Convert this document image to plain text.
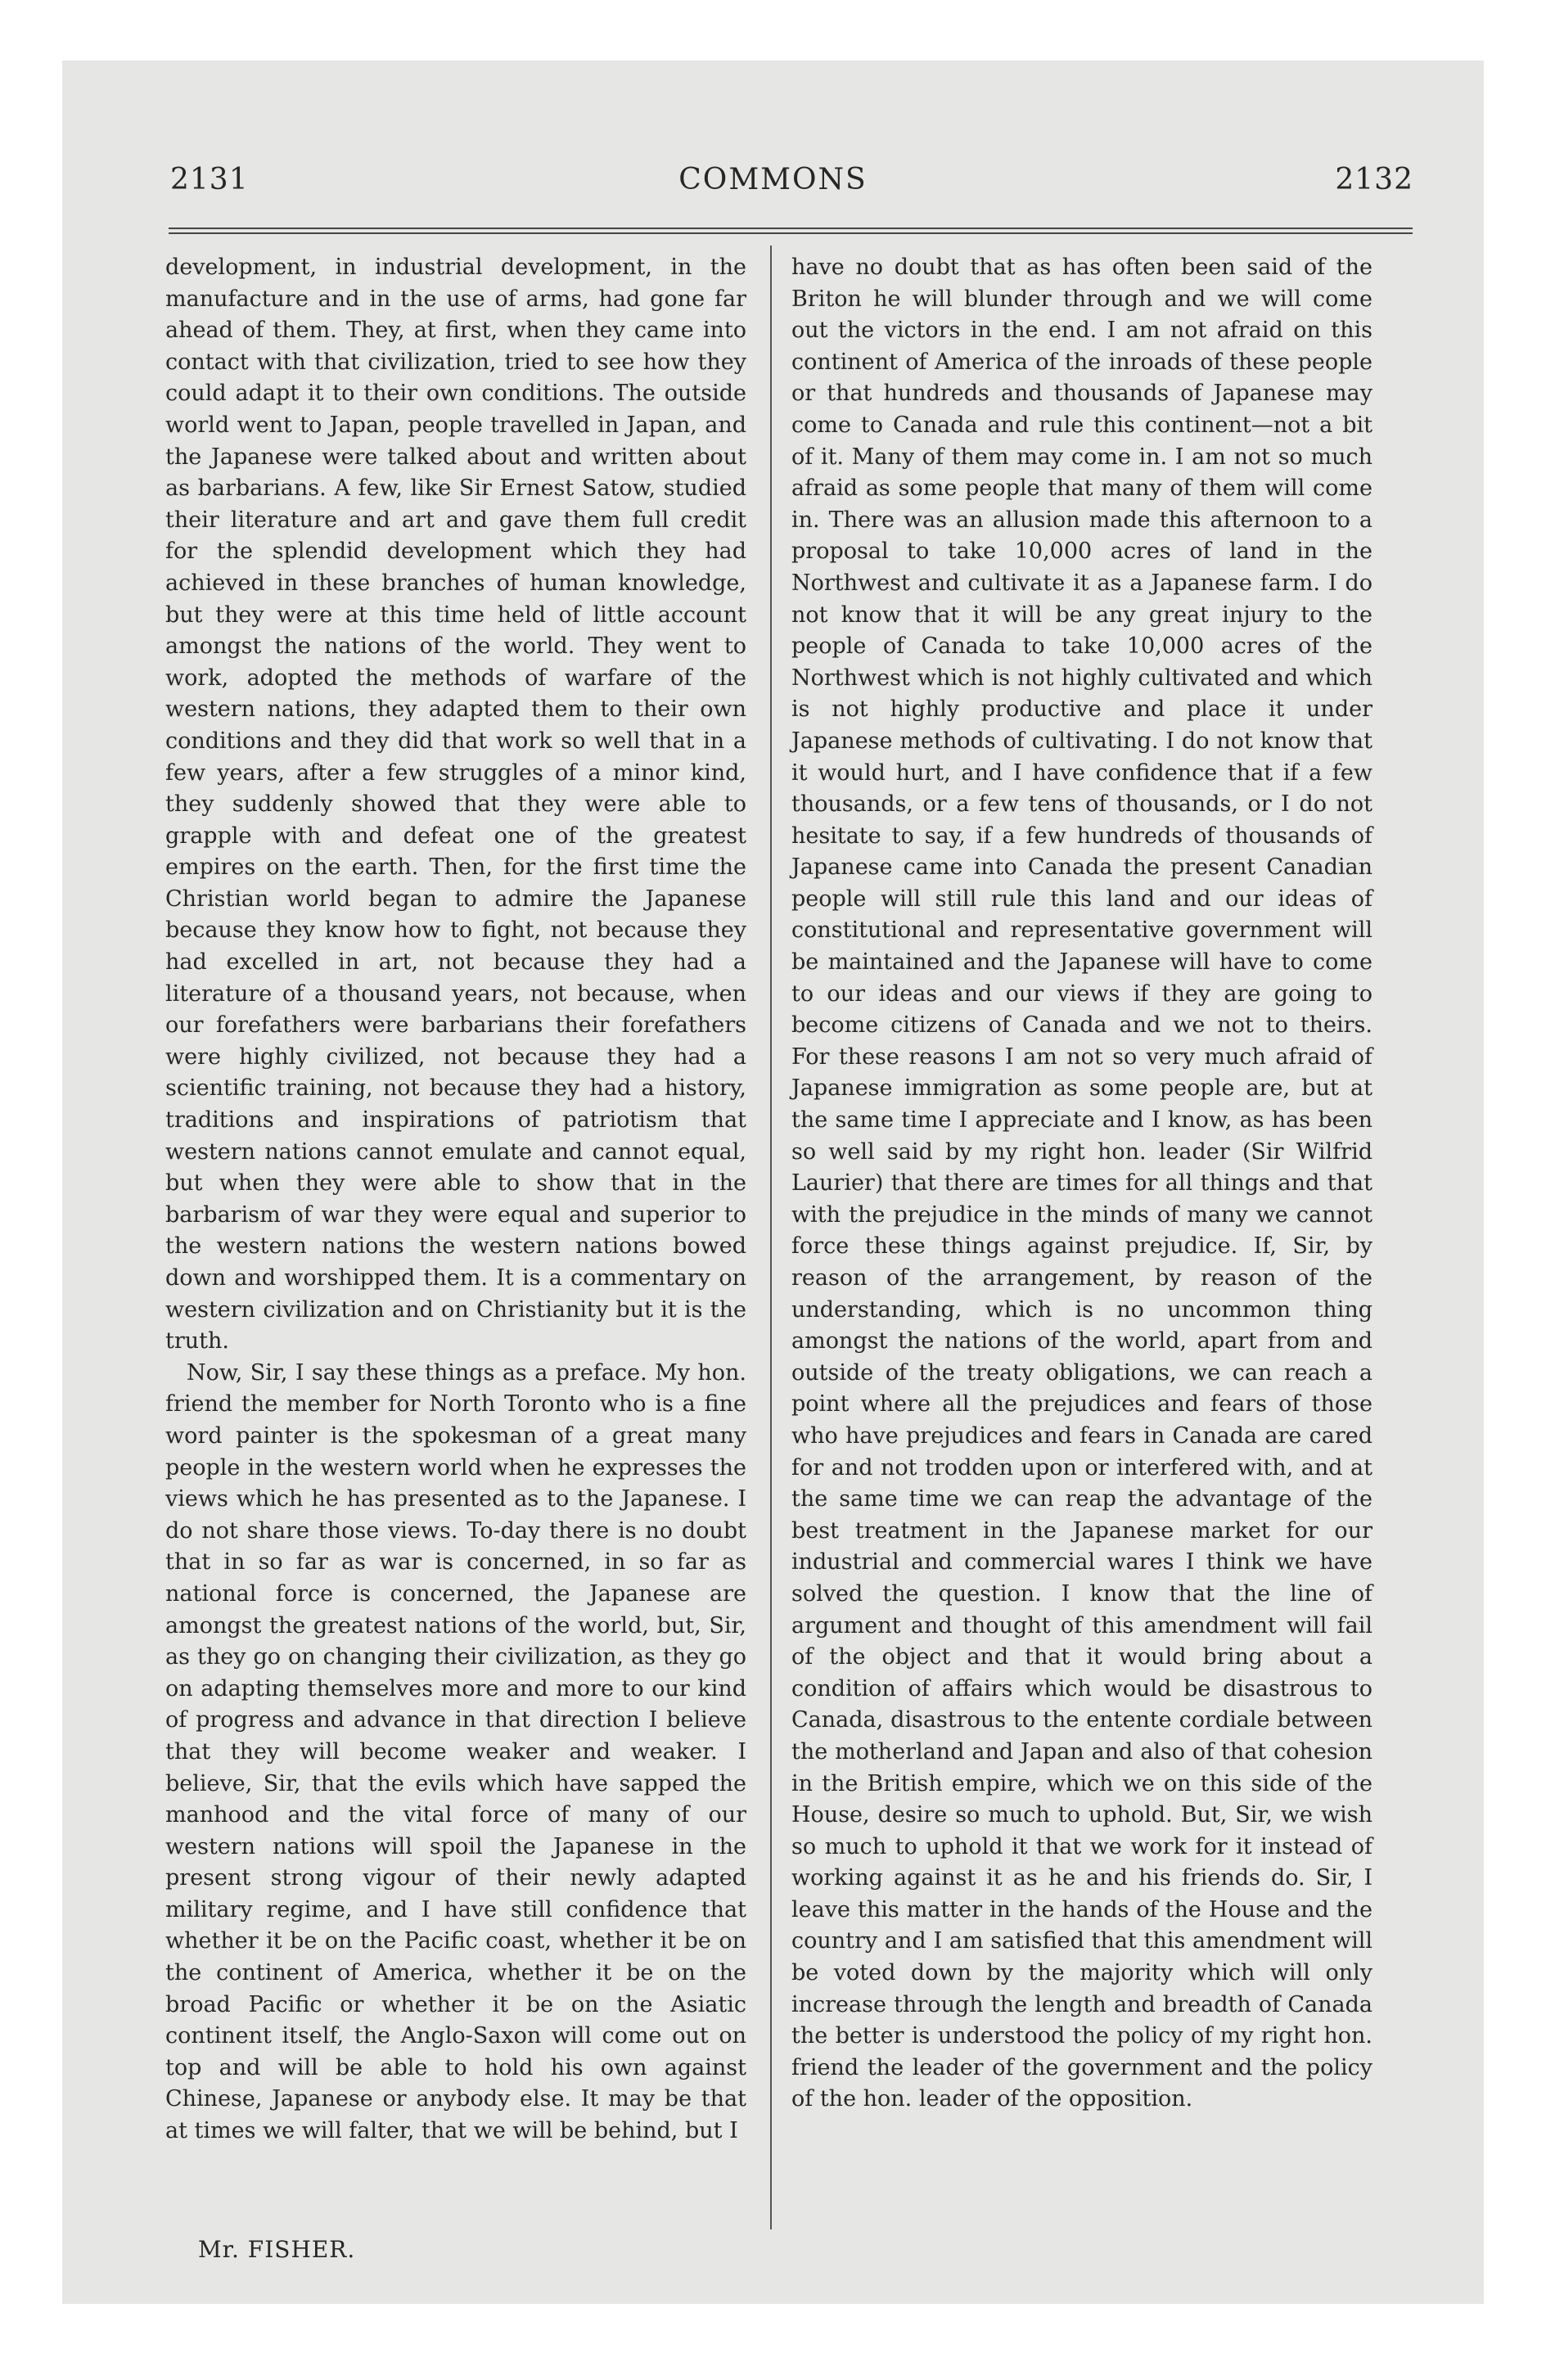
2131	COMMONS	2132

development, in industrial development, in the manufacture and in the use of arms, had gone far ahead of them. They, at first, when they came into contact with that civilization, tried to see how they could adapt it to their own conditions. The outside world went to Japan, people travelled in Japan, and the Japanese were talked about and written about as barbarians. A few, like Sir Ernest Satow, studied their literature and art and gave them full credit for the splendid development which they had achieved in these branches of human knowledge, but they were at this time held of little account amongst the nations of the world. They went to work, adopted the methods of warfare of the western nations, they adapted them to their own conditions and they did that work so well that in a few years, after a few struggles of a minor kind, they suddenly showed that they were able to grapple with and defeat one of the greatest empires on the earth. Then, for the first time the Christian world began to admire the Japanese because they know how to fight, not because they had excelled in art, not because they had a literature of a thousand years, not because, when our forefathers were barbarians their forefathers were highly civilized, not because they had a scientific training, not because they had a history, traditions and inspirations of patriotism that western nations cannot emulate and cannot equal, but when they were able to show that in the barbarism of war they were equal and superior to the western nations the western nations bowed down and worshipped them. It is a commentary on western civilization and on Christianity but it is the truth.

Now, Sir, I say these things as a preface. My hon. friend the member for North Toronto who is a fine word painter is the spokesman of a great many people in the western world when he expresses the views which he has presented as to the Japanese. I do not share those views. To-day there is no doubt that in so far as war is concerned, in so far as national force is concerned, the Japanese are amongst the greatest nations of the world, but, Sir, as they go on changing their civilization, as they go on adapting themselves more and more to our kind of progress and advance in that direction I believe that they will become weaker and weaker. I believe, Sir, that the evils which have sapped the manhood and the vital force of many of our western nations will spoil the Japanese in the present strong vigour of their newly adapted military regime, and I have still confidence that whether it be on the Pacific coast, whether it be on the continent of America, whether it be on the broad Pacific or whether it be on the Asiatic continent itself, the Anglo-Saxon will come out on top and will be able to hold his own against Chinese, Japanese or anybody else. It may be that at times we will falter, that we will be behind, but I

Mr. FISHER.

have no doubt that as has often been said of the Briton he will blunder through and we will come out the victors in the end. I am not afraid on this continent of America of the inroads of these people or that hundreds and thousands of Japanese may come to Canada and rule this continent—not a bit of it. Many of them may come in. I am not so much afraid as some people that many of them will come in. There was an allusion made this afternoon to a proposal to take 10,000 acres of land in the Northwest and cultivate it as a Japanese farm. I do not know that it will be any great injury to the people of Canada to take 10,000 acres of the Northwest which is not highly cultivated and which is not highly productive and place it under Japanese methods of cultivating. I do not know that it would hurt, and I have confidence that if a few thousands, or a few tens of thousands, or I do not hesitate to say, if a few hundreds of thousands of Japanese came into Canada the present Canadian people will still rule this land and our ideas of constitutional and representative government will be maintained and the Japanese will have to come to our ideas and our views if they are going to become citizens of Canada and we not to theirs. For these reasons I am not so very much afraid of Japanese immigration as some people are, but at the same time I appreciate and I know, as has been so well said by my right hon. leader (Sir Wilfrid Laurier) that there are times for all things and that with the prejudice in the minds of many we cannot force these things against prejudice. If, Sir, by reason of the arrangement, by reason of the understanding, which is no uncommon thing amongst the nations of the world, apart from and outside of the treaty obligations, we can reach a point where all the prejudices and fears of those who have prejudices and fears in Canada are cared for and not trodden upon or interfered with, and at the same time we can reap the advantage of the best treatment in the Japanese market for our industrial and commercial wares I think we have solved the question. I know that the line of argument and thought of this amendment will fail of the object and that it would bring about a condition of affairs which would be disastrous to Canada, disastrous to the entente cordiale between the motherland and Japan and also of that cohesion in the British empire, which we on this side of the House, desire so much to uphold. But, Sir, we wish so much to uphold it that we work for it instead of working against it as he and his friends do. Sir, I leave this matter in the hands of the House and the country and I am satisfied that this amendment will be voted down by the majority which will only increase through the length and breadth of Canada the better is understood the policy of my right hon. friend the leader of the government and the policy of the hon. leader of the opposition.
